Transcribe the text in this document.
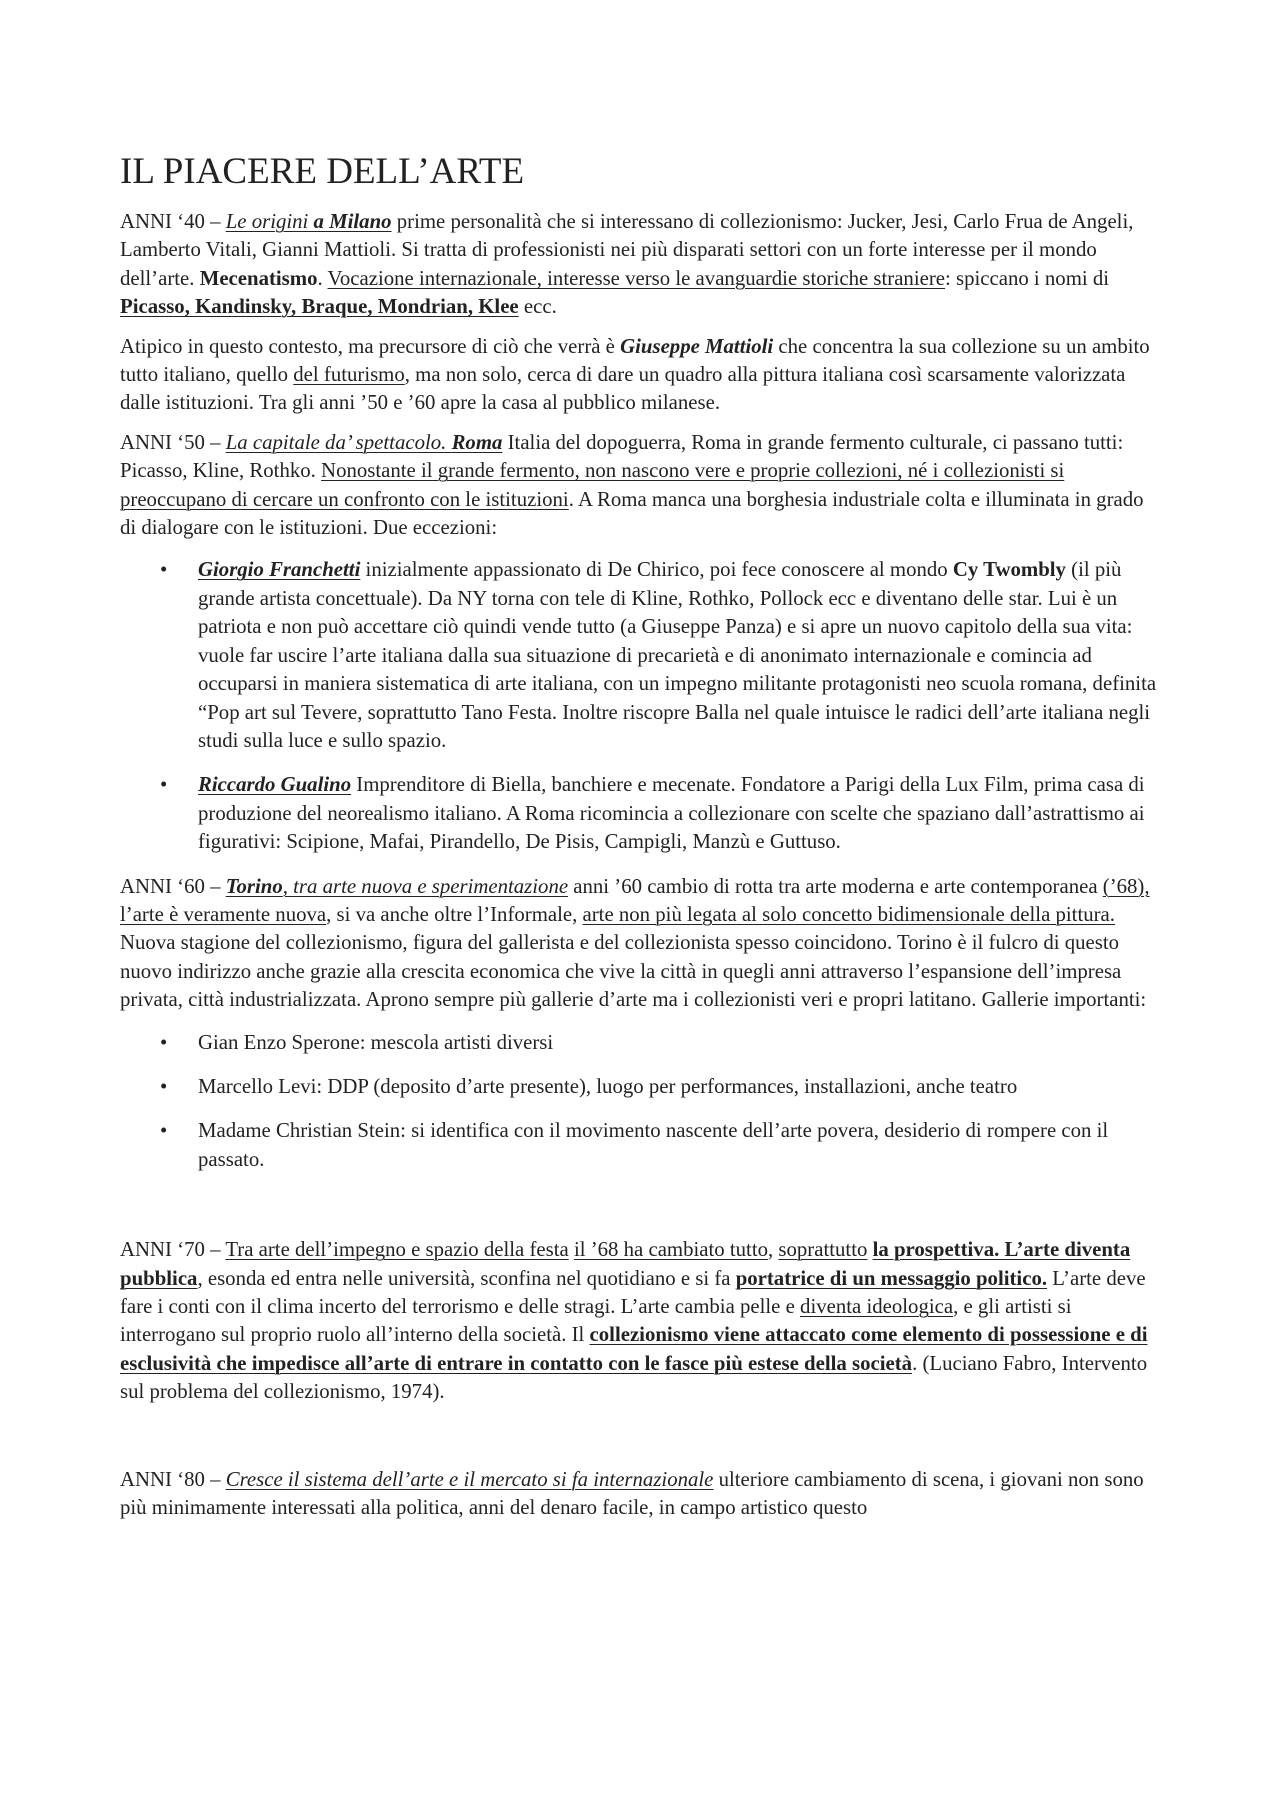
IL PIACERE DELL’ARTE

ANNI ‘40 – Le origini a Milano prime personalità che si interessano di collezionismo: Jucker, Jesi, Carlo Frua de Angeli, Lamberto Vitali, Gianni Mattioli. Si tratta di professionisti nei più disparati settori con un forte interesse per il mondo dell’arte. Mecenatismo. Vocazione internazionale, interesse verso le avanguardie storiche straniere: spiccano i nomi di Picasso, Kandinsky, Braque, Mondrian, Klee ecc.

Atipico in questo contesto, ma precursore di ciò che verrà è Giuseppe Mattioli che concentra la sua collezione su un ambito tutto italiano, quello del futurismo, ma non solo, cerca di dare un quadro alla pittura italiana così scarsamente valorizzata dalle istituzioni. Tra gli anni ’50 e ’60 apre la casa al pubblico milanese.

ANNI ‘50 – La capitale da’ spettacolo. Roma Italia del dopoguerra, Roma in grande fermento culturale, ci passano tutti: Picasso, Kline, Rothko. Nonostante il grande fermento, non nascono vere e proprie collezioni, né i collezionisti si preoccupano di cercare un confronto con le istituzioni. A Roma manca una borghesia industriale colta e illuminata in grado di dialogare con le istituzioni. Due eccezioni:

• Giorgio Franchetti inizialmente appassionato di De Chirico, poi fece conoscere al mondo Cy Twombly (il più grande artista concettuale). Da NY torna con tele di Kline, Rothko, Pollock ecc e diventano delle star. Lui è un patriota e non può accettare ciò quindi vende tutto (a Giuseppe Panza) e si apre un nuovo capitolo della sua vita: vuole far uscire l’arte italiana dalla sua situazione di precarietà e di anonimato internazionale e comincia ad occuparsi in maniera sistematica di arte italiana, con un impegno militante protagonisti neo scuola romana, definita “Pop art sul Tevere, soprattutto Tano Festa. Inoltre riscopre Balla nel quale intuisce le radici dell’arte italiana negli studi sulla luce e sullo spazio.
• Riccardo Gualino Imprenditore di Biella, banchiere e mecenate. Fondatore a Parigi della Lux Film, prima casa di produzione del neorealismo italiano. A Roma ricomincia a collezionare con scelte che spaziano dall’astrattismo ai figurativi: Scipione, Mafai, Pirandello, De Pisis, Campigli, Manzù e Guttuso.

ANNI ‘60 – Torino, tra arte nuova e sperimentazione anni ’60 cambio di rotta tra arte moderna e arte contemporanea (’68), l’arte è veramente nuova, si va anche oltre l’Informale, arte non più legata al solo concetto bidimensionale della pittura. Nuova stagione del collezionismo, figura del gallerista e del collezionista spesso coincidono. Torino è il fulcro di questo nuovo indirizzo anche grazie alla crescita economica che vive la città in quegli anni attraverso l’espansione dell’impresa privata, città industrializzata. Aprono sempre più gallerie d’arte ma i collezionisti veri e propri latitano. Gallerie importanti:

• Gian Enzo Sperone: mescola artisti diversi
• Marcello Levi: DDP (deposito d’arte presente), luogo per performances, installazioni, anche teatro
• Madame Christian Stein: si identifica con il movimento nascente dell’arte povera, desiderio di rompere con il passato.

ANNI ‘70 – Tra arte dell’impegno e spazio della festa il ’68 ha cambiato tutto, soprattutto la prospettiva. L’arte diventa pubblica, esonda ed entra nelle università, sconfina nel quotidiano e si fa portatrice di un messaggio politico. L’arte deve fare i conti con il clima incerto del terrorismo e delle stragi. L’arte cambia pelle e diventa ideologica, e gli artisti si interrogano sul proprio ruolo all’interno della società. Il collezionismo viene attaccato come elemento di possessione e di esclusività che impedisce all’arte di entrare in contatto con le fasce più estese della società. (Luciano Fabro, Intervento sul problema del collezionismo, 1974).

ANNI ‘80 – Cresce il sistema dell’arte e il mercato si fa internazionale ulteriore cambiamento di scena, i giovani non sono più minimamente interessati alla politica, anni del denaro facile, in campo artistico questo
